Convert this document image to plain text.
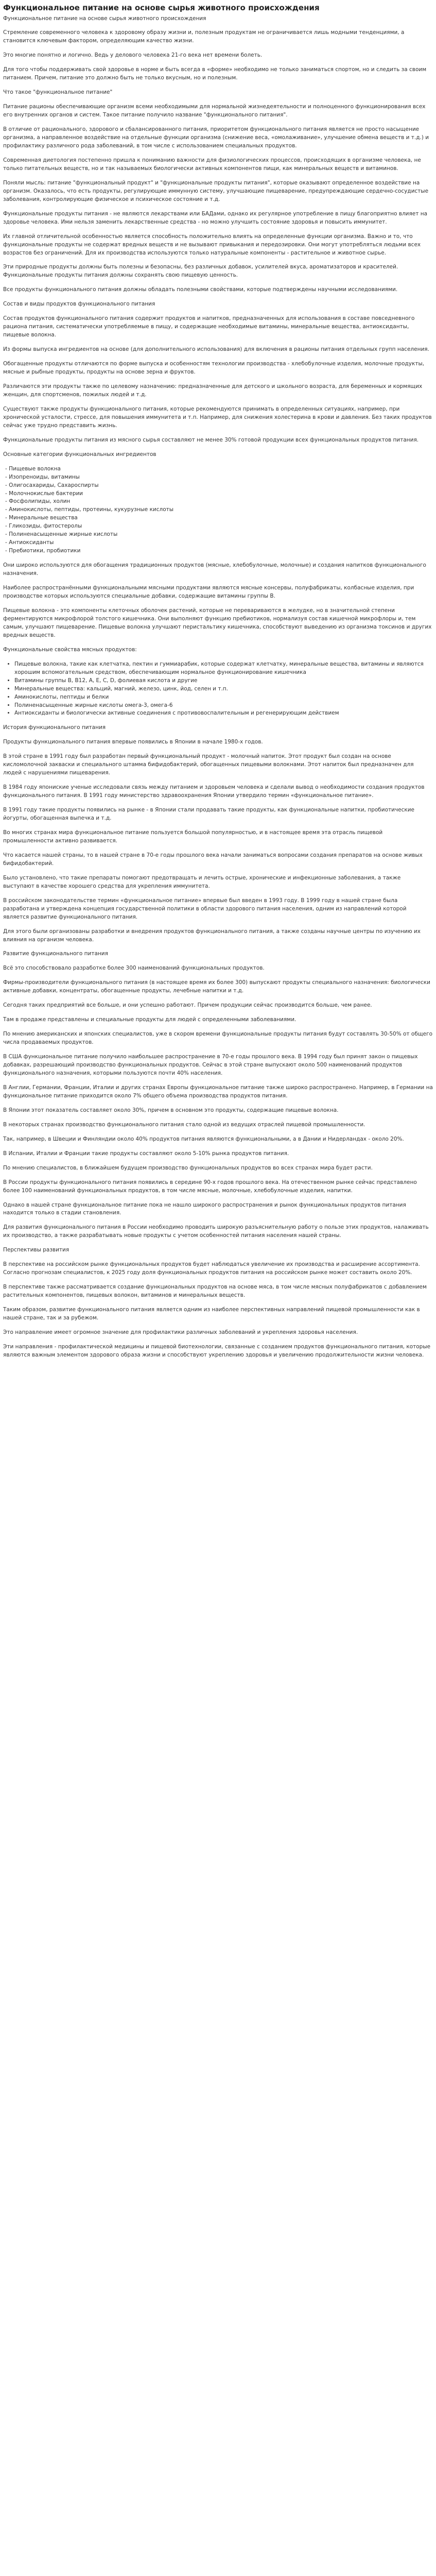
Функциональное питание на основе сырья животного происхождения

Функциональное питание на основе сырья животного происхождения

Стремление современного человека к здоровому образу жизни и, полезным продуктам не ограничивается лишь модными тенденциями, а становится ключевым фактором, определяющим качество жизни.

Это многие понятно и логично. Ведь у делового человека 21-го века нет времени болеть.

Для того чтобы поддерживать свой здоровье в норме и быть всегда в «форме» необходимо не только заниматься спортом, но и следить за своим питанием. Причем, питание это должно быть не только вкусным, но и полезным.

Что такое "функциональное питание"

Питание рационы обеспечивающие организм всеми необходимыми для нормальной жизнедеятельности и полноценного функционирования всех его внутренних органов и систем. Такое питание получило название "функционального питания".

В отличие от рационального, здорового и сбалансированного питания, приоритетом функционального питания является не просто насыщение организма, а направленное воздействие на отдельные функции организма (снижение веса, «омолаживание», улучшение обмена веществ и т.д.) и профилактику различного рода заболеваний, в том числе с использованием специальных продуктов.

Современная диетология постепенно пришла к пониманию важности для физиологических процессов, происходящих в организме человека, не только питательных веществ, но и так называемых биологически активных компонентов пищи, как минеральных веществ и витаминов.

Поняли мысль: питание "функциональный продукт" и "функциональные продукты питания", которые оказывают определенное воздействие на организм. Оказалось, что есть продукты, регулирующие иммунную систему, улучшающие пищеварение, предупреждающие сердечно-сосудистые заболевания, контролирующие физическое и психическое состояние и т.д.

Функциональные продукты питания - не являются лекарствами или БАДами, однако их регулярное употребление в пищу благоприятно влияет на здоровье человека. Ими нельзя заменить лекарственные средства - но можно улучшить состояние здоровья и повысить иммунитет.

Их главной отличительной особенностью является способность положительно влиять на определенные функции организма. Важно и то, что функциональные продукты не содержат вредных веществ и не вызывают привыкания и передозировки. Они могут употребляться людьми всех возрастов без ограничений. Для их производства используются только натуральные компоненты - растительное и животное сырье.

Эти природные продукты должны быть полезны и безопасны, без различных добавок, усилителей вкуса, ароматизаторов и красителей. Функциональные продукты питания должны сохранять свою пищевую ценность.

Все продукты функционального питания должны обладать полезными свойствами, которые подтверждены научными исследованиями.

Состав и виды продуктов функционального питания

Состав продуктов функционального питания содержит продуктов и напитков, предназначенных для использования в составе повседневного рациона питания, систематически употребляемые в пищу, и содержащие необходимые витамины, минеральные вещества, антиоксиданты, пищевые волокна.

Из формы выпуска ингредиентов на основе (для дополнительного использования) для включения в рационы питания отдельных групп населения.

Обогащенные продукты отличаются по форме выпуска и особенностям технологии производства - хлебобулочные изделия, молочные продукты, мясные и рыбные продукты, продукты на основе зерна и фруктов.

Различаются эти продукты также по целевому назначению: предназначенные для детского и школьного возраста, для беременных и кормящих женщин, для спортсменов, пожилых людей и т.д.

Существуют также продукты функционального питания, которые рекомендуются принимать в определенных ситуациях, например, при хронической усталости, стрессе, для повышения иммунитета и т.п. Например, для снижения холестерина в крови и давления. Без таких продуктов сейчас уже трудно представить жизнь.

Функциональные продукты питания из мясного сырья составляют не менее 30% готовой продукции всех функциональных продуктов питания.

Основные категории функциональных ингредиентов

- Пищевые волокна
- Изопреноиды, витамины
- Олигосахариды, Сахароспирты
- Молочнокислые бактерии
- Фосфолипиды, холин
- Аминокислоты, пептиды, протеины, кукурузные кислоты
- Минеральные вещества
- Гликозиды, фитостеролы
- Полиненасыщенные жирные кислоты
- Антиоксиданты
- Пребиотики, пробиотики

Они широко используются для обогащения традиционных продуктов (мясные, хлебобулочные, молочные) и создания напитков функционального назначения.

Наиболее распространёнными функциональными мясными продуктами являются мясные консервы, полуфабрикаты, колбасные изделия, при производстве которых используются специальные добавки, содержащие витамины группы В.

Пищевые волокна - это компоненты клеточных оболочек растений, которые не перевариваются в желудке, но в значительной степени ферментируются микрофлорой толстого кишечника. Они выполняют функцию пребиотиков, нормализуя состав кишечной микрофлоры и, тем самым, улучшают пищеварение. Пищевые волокна улучшают перистальтику кишечника, способствуют выведению из организма токсинов и других вредных веществ.

Функциональные свойства мясных продуктов:

• Пищевые волокна, такие как клетчатка, пектин и гуммиарабик, которые содержат клетчатку, минеральные вещества, витамины и являются хорошим вспомогательным средством, обеспечивающим нормальное функционирование кишечника
• Витамины группы В, В12, А, Е, С, D, фолиевая кислота и другие
• Минеральные вещества: кальций, магний, железо, цинк, йод, селен и т.п.
• Аминокислоты, пептиды и белки
• Полиненасыщенные жирные кислоты омега-3, омега-6
• Антиоксиданты и биологически активные соединения с противовоспалительным и регенерирующим действием

История функционального питания

Продукты функционального питания впервые появились в Японии в начале 1980-х годов.

В этой стране в 1991 году был разработан первый функциональный продукт - молочный напиток. Этот продукт был создан на основе кисломолочной закваски и специального штамма бифидобактерий, обогащенных пищевыми волокнами. Этот напиток был предназначен для людей с нарушениями пищеварения.

В 1984 году япониские ученые исследовали связь между питанием и здоровьем человека и сделали вывод о необходимости создания продуктов функционального питания. В 1991 году министерство здравоохранения Японии утвердило термин «функциональное питание».

В 1991 году такие продукты появились на рынке - в Японии стали продавать такие продукты, как функциональные напитки, пробиотические йогурты, обогащенная выпечка и т.д.

Во многих странах мира функциональное питание пользуется большой популярностью, и в настоящее время эта отрасль пищевой промышленности активно развивается.

Что касается нашей страны, то в нашей стране в 70-е годы прошлого века начали заниматься вопросами создания препаратов на основе живых бифидобактерий.

Было установлено, что такие препараты помогают предотвращать и лечить острые, хронические и инфекционные заболевания, а также выступают в качестве хорошего средства для укрепления иммунитета.

В российском законодательстве термин «функциональное питание» впервые был введен в 1993 году. В 1999 году в нашей стране была разработана и утверждена концепция государственной политики в области здорового питания населения, одним из направлений которой является развитие функционального питания.

Для этого были организованы разработки и внедрения продуктов функционального питания, а также созданы научные центры по изучению их влияния на организм человека.

Развитие функционального питания

Всё это способствовало разработке более 300 наименований функциональных продуктов.

Фирмы-производители функционального питания (в настоящее время их более 300) выпускают продукты специального назначения: биологически активные добавки, концентраты, обогащенные продукты, лечебные напитки и т.д.

Сегодня таких предприятий все больше, и они успешно работают. Причем продукции сейчас производится больше, чем ранее.

Там в продаже представлены и специальные продукты для людей с определенными заболеваниями.

По мнению американских и японских специалистов, уже в скором времени функциональные продукты питания будут составлять 30-50% от общего числа продаваемых продуктов.

В США функциональное питание получило наибольшее распространение в 70-е годы прошлого века. В 1994 году был принят закон о пищевых добавках, разрешающий производство функциональных продуктов. Сейчас в этой стране выпускают около 500 наименований продуктов функционального назначения, которыми пользуются почти 40% населения.

В Англии, Германии, Франции, Италии и других странах Европы функциональное питание также широко распространено. Например, в Германии на функциональное питание приходится около 7% общего объема производства продуктов питания.

В Японии этот показатель составляет около 30%, причем в основном это продукты, содержащие пищевые волокна.

В некоторых странах производство функционального питания стало одной из ведущих отраслей пищевой промышленности.

Так, например, в Швеции и Финляндии около 40% продуктов питания являются функциональными, а в Дании и Нидерландах - около 20%.

В Испании, Италии и Франции такие продукты составляют около 5-10% рынка продуктов питания.

По мнению специалистов, в ближайшем будущем производство функциональных продуктов во всех странах мира будет расти.

В России продукты функционального питания появились в середине 90-х годов прошлого века. На отечественном рынке сейчас представлено более 100 наименований функциональных продуктов, в том числе мясные, молочные, хлебобулочные изделия, напитки.

Однако в нашей стране функциональное питание пока не нашло широкого распространения и рынок функциональных продуктов питания находится только в стадии становления.

Для развития функционального питания в России необходимо проводить широкую разъяснительную работу о пользе этих продуктов, налаживать их производство, а также разрабатывать новые продукты с учетом особенностей питания населения нашей страны.

Перспективы развития

В перспективе на российском рынке функциональных продуктов будет наблюдаться увеличение их производства и расширение ассортимента. Согласно прогнозам специалистов, к 2025 году доля функциональных продуктов питания на российском рынке может составить около 20%.

В перспективе также рассматривается создание функциональных продуктов на основе мяса, в том числе мясных полуфабрикатов с добавлением растительных компонентов, пищевых волокон, витаминов и минеральных веществ.

Таким образом, развитие функционального питания является одним из наиболее перспективных направлений пищевой промышленности как в нашей стране, так и за рубежом.

Это направление имеет огромное значение для профилактики различных заболеваний и укрепления здоровья населения.

Эти направления - профилактической медицины и пищевой биотехнологии, связанные с созданием продуктов функционального питания, которые являются важным элементом здорового образа жизни и способствуют укреплению здоровья и увеличению продолжительности жизни человека.
